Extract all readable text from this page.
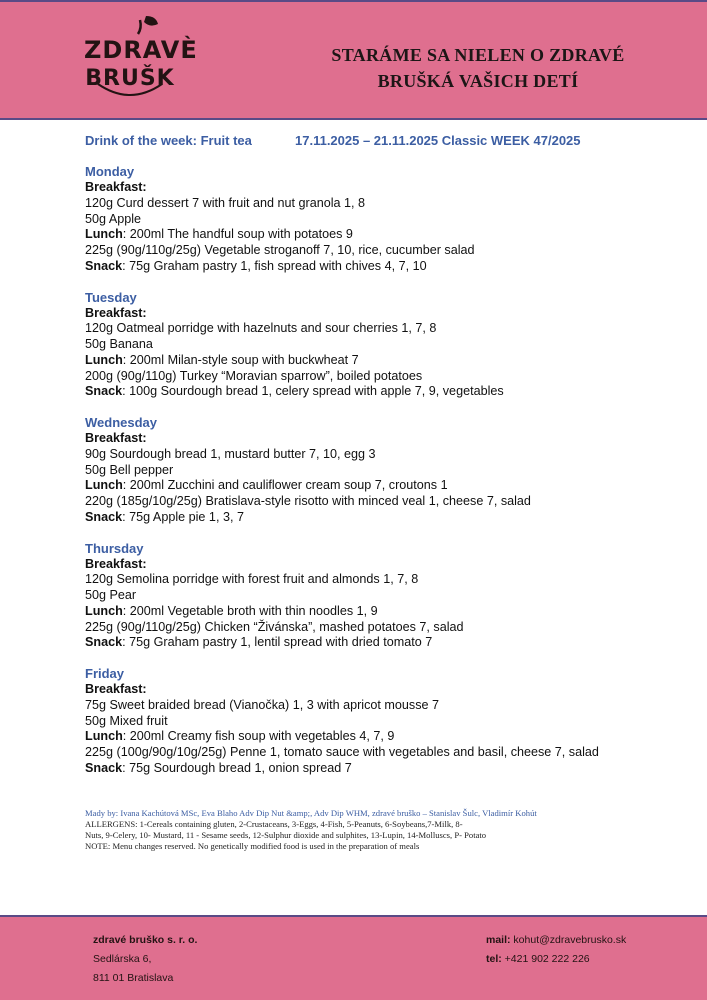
ZDRAVÈ
BRUŠK
STARÁME SA NIELEN O ZDRAVÉ
BRUŠKÁ VAŠICH DETÍ
Drink of the week: Fruit tea	17.11.2025 – 21.11.2025 Classic WEEK 47/2025
Monday
Breakfast:
120g Curd dessert 7 with fruit and nut granola 1, 8
50g Apple
Lunch: 200ml The handful soup with potatoes 9
225g (90g/110g/25g) Vegetable stroganoff 7, 10, rice, cucumber salad
Snack: 75g Graham pastry 1, fish spread with chives 4, 7, 10
Tuesday
Breakfast:
120g Oatmeal porridge with hazelnuts and sour cherries 1, 7, 8
50g Banana
Lunch: 200ml Milan-style soup with buckwheat 7
200g (90g/110g) Turkey “Moravian sparrow”, boiled potatoes
Snack: 100g Sourdough bread 1, celery spread with apple 7, 9, vegetables
Wednesday
Breakfast:
90g Sourdough bread 1, mustard butter 7, 10, egg 3
50g Bell pepper
Lunch: 200ml Zucchini and cauliflower cream soup 7, croutons 1
220g (185g/10g/25g) Bratislava-style risotto with minced veal 1, cheese 7, salad
Snack: 75g Apple pie 1, 3, 7
Thursday
Breakfast:
120g Semolina porridge with forest fruit and almonds 1, 7, 8
50g Pear
Lunch: 200ml Vegetable broth with thin noodles 1, 9
225g (90g/110g/25g) Chicken “Živánska”, mashed potatoes 7, salad
Snack: 75g Graham pastry 1, lentil spread with dried tomato 7
Friday
Breakfast:
75g Sweet braided bread (Vianočka) 1, 3 with apricot mousse 7
50g Mixed fruit
Lunch: 200ml Creamy fish soup with vegetables 4, 7, 9
225g (100g/90g/10g/25g) Penne 1, tomato sauce with vegetables and basil, cheese 7, salad
Snack: 75g Sourdough bread 1, onion spread 7
Mady by: Ivana Kachútová MSc, Eva Blaho Adv Dip Nut &amp;, Adv Dip WHM, zdravé bruško – Stanislav Šulc, Vladimír Kohút
ALLERGENS: 1-Cereals containing gluten, 2-Crustaceans, 3-Eggs, 4-Fish, 5-Peanuts, 6-Soybeans,7-Milk, 8-
Nuts, 9-Celery, 10- Mustard, 11 - Sesame seeds, 12-Sulphur dioxide and sulphites, 13-Lupin, 14-Molluscs, P- Potato
NOTE: Menu changes reserved. No genetically modified food is used in the preparation of meals
zdravé bruško s. r. o.
Sedlárska 6,
811 01 Bratislava
mail: kohut@zdravebrusko.sk
tel: +421 902 222 226
